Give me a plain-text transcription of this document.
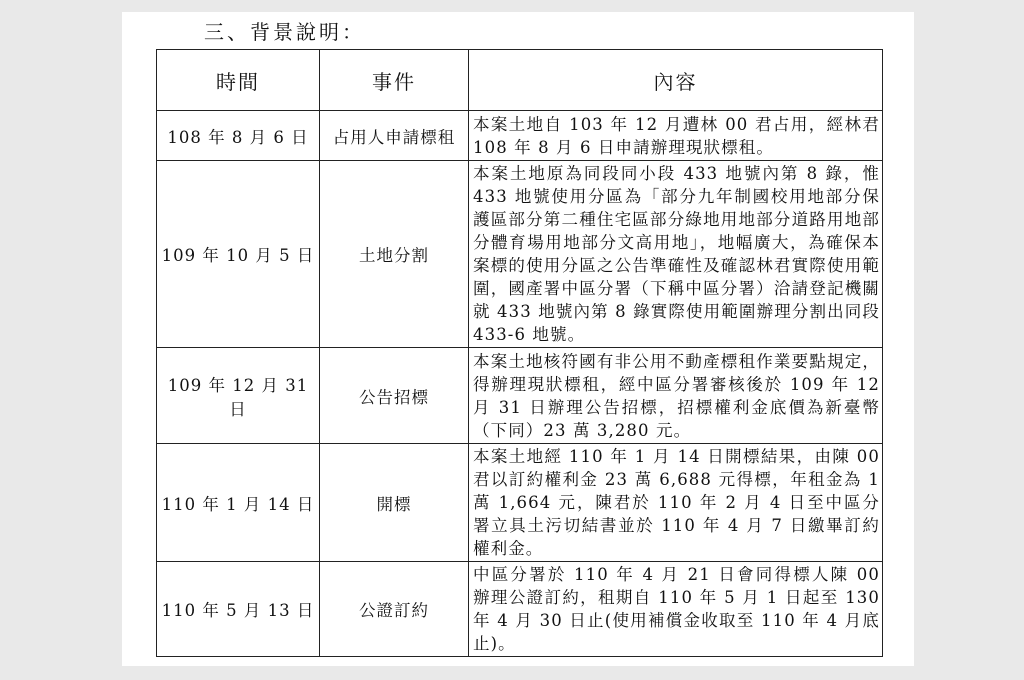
三、背景說明：
時間	事件	內容
108 年 8 月 6 日	占用人申請標租	本案土地自 103 年 12 月遭林 00 君占用，經林君 108 年 8 月 6 日申請辦理現狀標租。
109 年 10 月 5 日	土地分割	本案土地原為同段同小段 433 地號內第 8 錄，惟 433 地號使用分區為「部分九年制國校用地部分保護區部分第二種住宅區部分綠地用地部分道路用地部分體育場用地部分文高用地」，地幅廣大，為確保本案標的使用分區之公告準確性及確認林君實際使用範圍，國產署中區分署（下稱中區分署）洽請登記機關就 433 地號內第 8 錄實際使用範圍辦理分割出同段 433-6 地號。
109 年 12 月 31 日	公告招標	本案土地核符國有非公用不動產標租作業要點規定，得辦理現狀標租，經中區分署審核後於 109 年 12 月 31 日辦理公告招標，招標權利金底價為新臺幣（下同）23 萬 3,280 元。
110 年 1 月 14 日	開標	本案土地經 110 年 1 月 14 日開標結果，由陳 00 君以訂約權利金 23 萬 6,688 元得標，年租金為 1 萬 1,664 元，陳君於 110 年 2 月 4 日至中區分署立具土污切結書並於 110 年 4 月 7 日繳畢訂約權利金。
110 年 5 月 13 日	公證訂約	中區分署於 110 年 4 月 21 日會同得標人陳 00 辦理公證訂約，租期自 110 年 5 月 1 日起至 130 年 4 月 30 日止(使用補償金收取至 110 年 4 月底止)。
